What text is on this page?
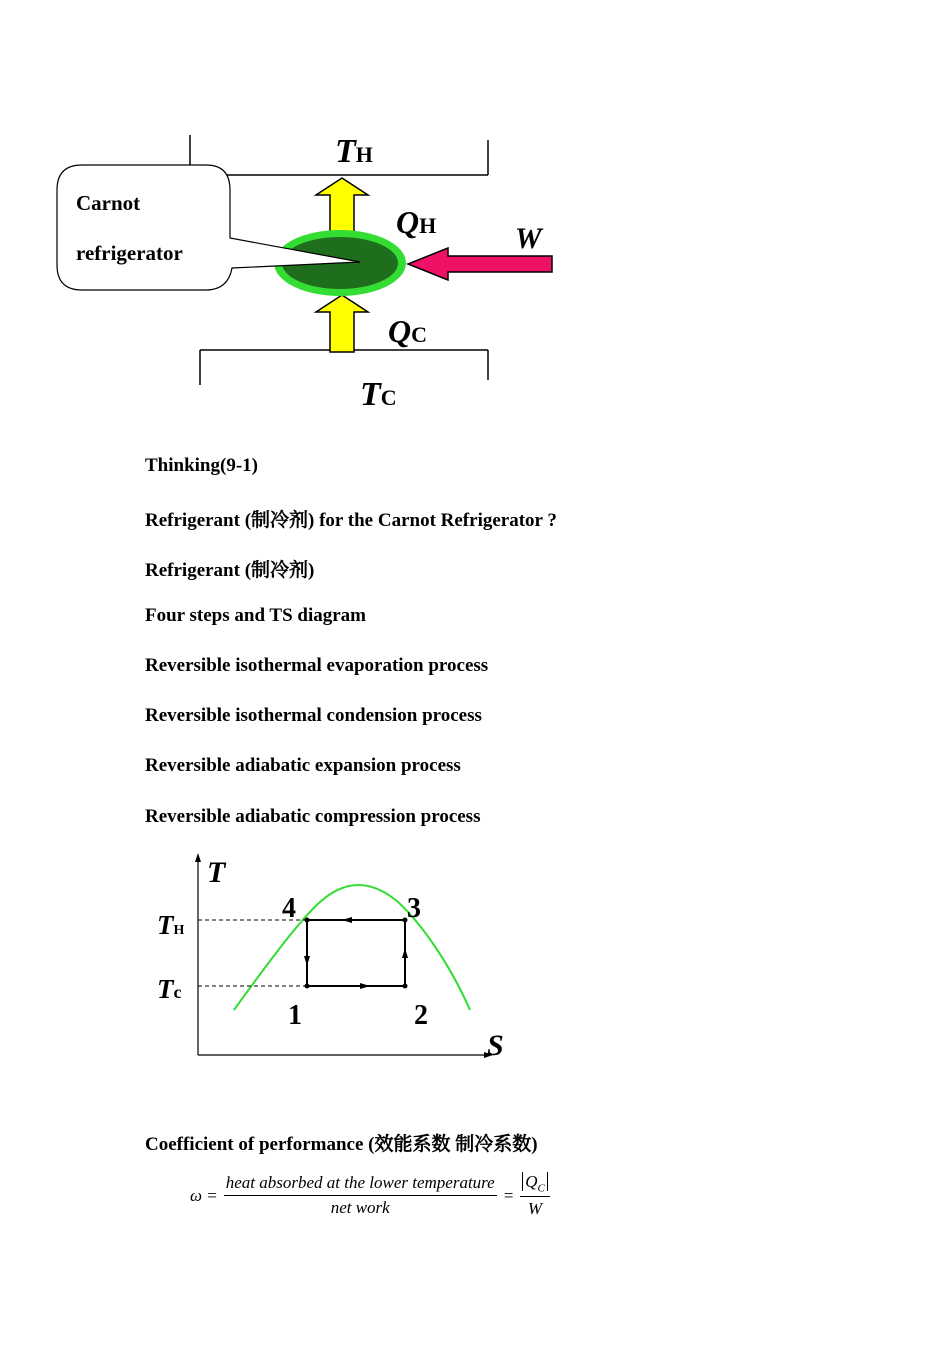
TH
TC
QH
QC
W
Carnot
refrigerator
Thinking(9-1)
Refrigerant (制冷剂) for the Carnot Refrigerator ?
Refrigerant (制冷剂)
Four steps and TS diagram
Reversible isothermal evaporation process
Reversible isothermal condension process
Reversible adiabatic expansion process
Reversible adiabatic compression process
T
S
TH
Tc
4	3
1	2
Coefficient of performance (效能系数 制冷系数)
$\omega = \frac{\text{heat absorbed at the lower temperature}}{\text{net work}} = \frac{Q_C}{W}$
